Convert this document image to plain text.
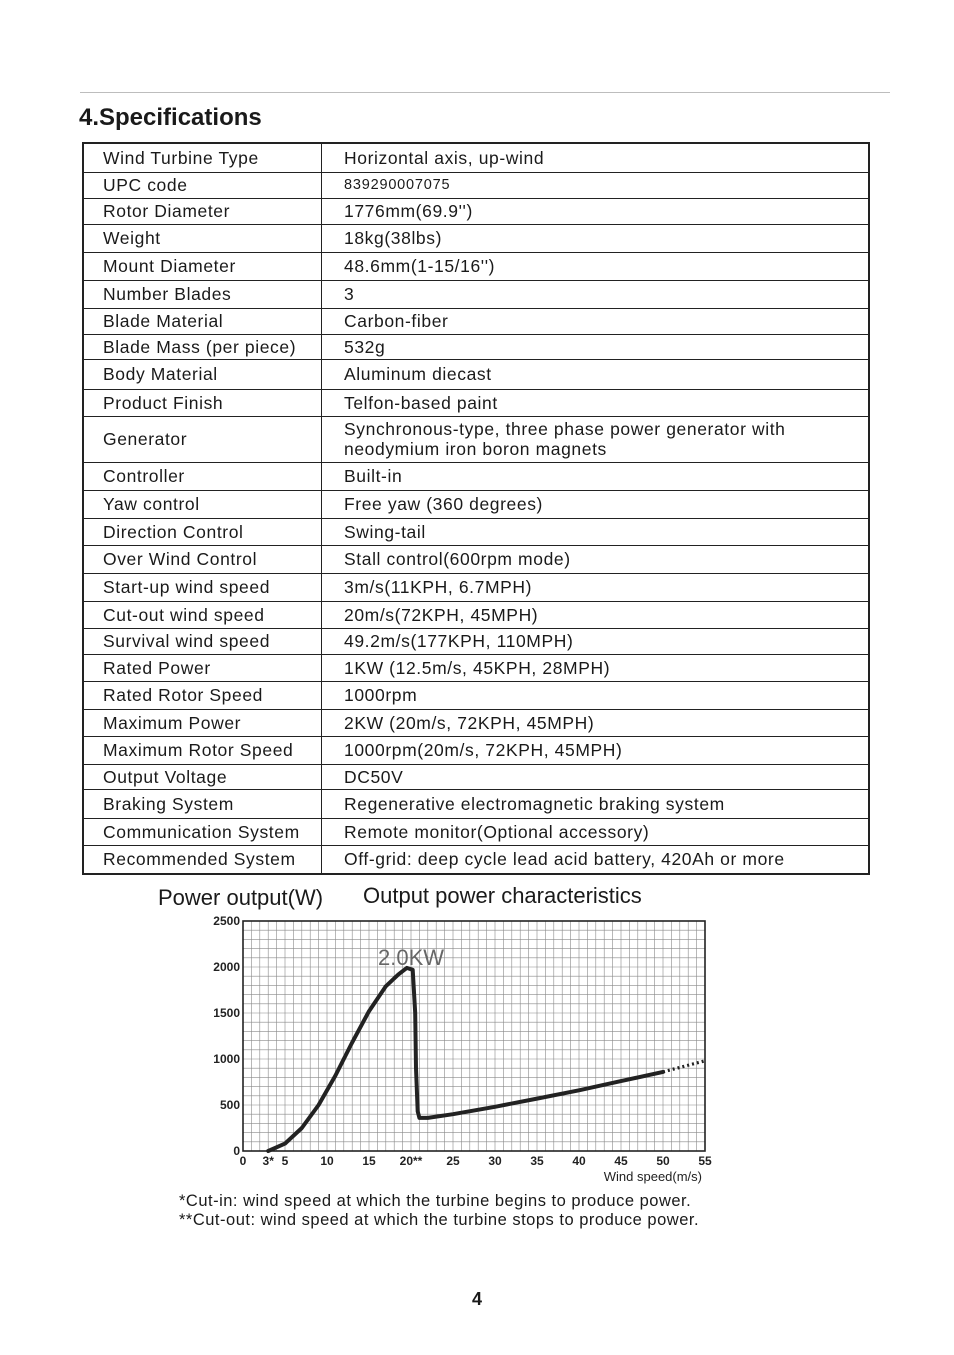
4.Specifications
Wind Turbine Type	Horizontal axis, up-wind
UPC code	839290007075
Rotor Diameter	1776mm(69.9'')
Weight	18kg(38lbs)
Mount Diameter	48.6mm(1-15/16'')
Number Blades	3
Blade Material	Carbon-fiber
Blade Mass (per piece)	532g
Body Material	Aluminum diecast
Product Finish	Telfon-based paint
Generator	Synchronous-type, three phase power generator with
neodymium iron boron magnets

Controller	Built-in
Yaw control	Free yaw (360 degrees)
Direction Control	Swing-tail
Over Wind Control	Stall control(600rpm mode)
Start-up wind speed	3m/s(11KPH, 6.7MPH)
Cut-out wind speed	20m/s(72KPH, 45MPH)
Survival wind speed	49.2m/s(177KPH, 110MPH)
Rated Power	1KW (12.5m/s, 45KPH, 28MPH)
Rated Rotor Speed	1000rpm
Maximum Power	2KW (20m/s, 72KPH, 45MPH)
Maximum Rotor Speed	1000rpm(20m/s, 72KPH, 45MPH)
Output Voltage	DC50V
Braking System	Regenerative electromagnetic braking system
Communication System	Remote monitor(Optional accessory)
Recommended System	Off-grid: deep cycle lead acid battery, 420Ah or more
Power output(W) Output power characteristics
0 3* 5	10 15 20** 25 30 35 40 45 50 55
0
500
1000
1500
2000
2500
Wind speed(m/s)
2.0KW
*Cut-in: wind speed at which the turbine begins to produce power.
**Cut-out: wind speed at which the turbine stops to produce power.
4
